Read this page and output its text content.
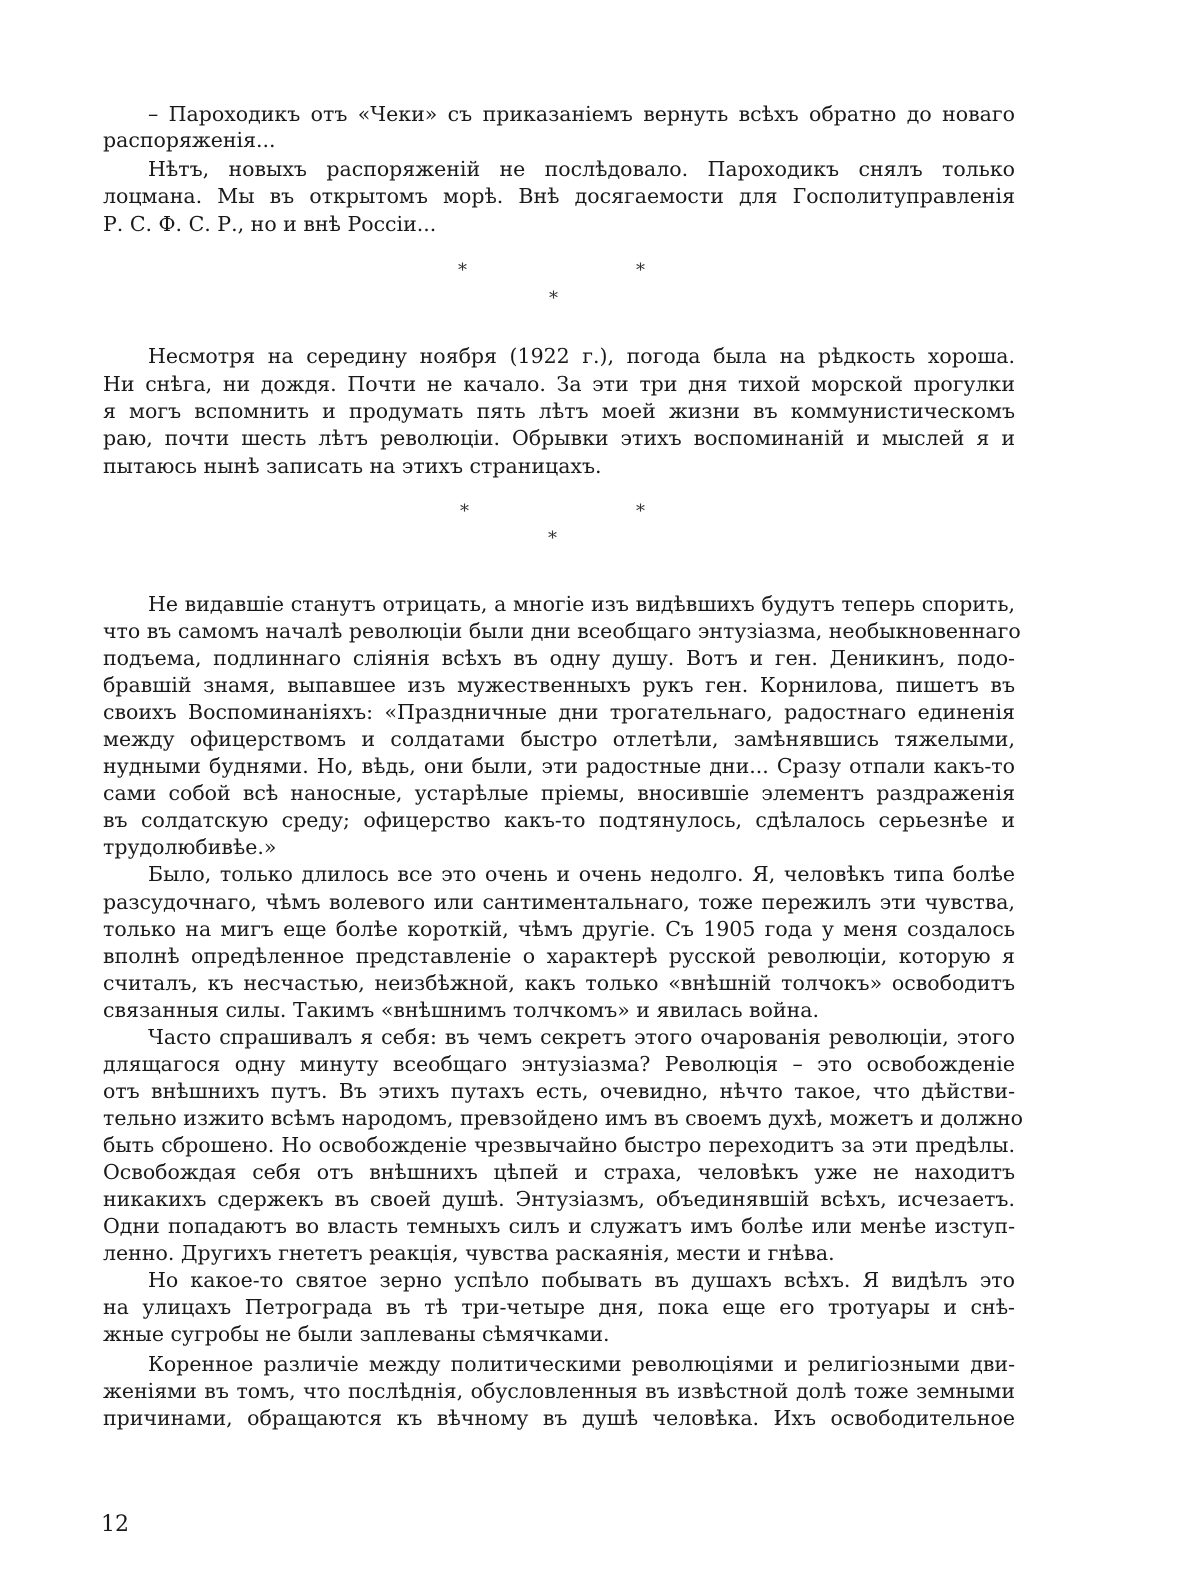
– Пароходикъ отъ «Чеки» съ приказаніемъ вернуть всѣхъ обратно до новаго
распоряженія...
Нѣтъ, новыхъ распоряженій не послѣдовало. Пароходикъ снялъ только
лоцмана. Мы въ открытомъ морѣ. Внѣ досягаемости для Госполитуправленія
Р. С. Ф. С. Р., но и внѣ Россіи...
*	*
*
Несмотря на середину ноября (1922 г.), погода была на рѣдкость хороша.
Ни снѣга, ни дождя. Почти не качало. За эти три дня тихой морской прогулки
я могъ вспомнить и продумать пять лѣтъ моей жизни въ коммунистическомъ
раю, почти шесть лѣтъ революціи. Обрывки этихъ воспоминаній и мыслей я и
пытаюсь нынѣ записать на этихъ страницахъ.
*	*
*
Не видавшіе станутъ отрицать, а многіе изъ видѣвшихъ будутъ теперь спорить,
что въ самомъ началѣ революціи были дни всеобщаго энтузіазма, необыкновеннаго
подъема, подлиннаго сліянія всѣхъ въ одну душу. Вотъ и ген. Деникинъ, подо-
бравшій знамя, выпавшее изъ мужественныхъ рукъ ген. Корнилова, пишетъ въ
своихъ Воспоминаніяхъ: «Праздничные дни трогательнаго, радостнаго единенія
между офицерствомъ и солдатами быстро отлетѣли, замѣнявшись тяжелыми,
нудными буднями. Но, вѣдь, они были, эти радостные дни... Сразу отпали какъ-то
сами собой всѣ наносные, устарѣлые пріемы, вносившіе элементъ раздраженія
въ солдатскую среду; офицерство какъ-то подтянулось, сдѣлалось серьезнѣе и
трудолюбивѣе.»
Было, только длилось все это очень и очень недолго. Я, человѣкъ типа болѣе
разсудочнаго, чѣмъ волевого или сантиментальнаго, тоже пережилъ эти чувства,
только на мигъ еще болѣе короткій, чѣмъ другіе. Съ 1905 года у меня создалось
вполнѣ опредѣленное представленіе о характерѣ русской революціи, которую я
считалъ, къ несчастью, неизбѣжной, какъ только «внѣшній толчокъ» освободитъ
связанныя силы. Такимъ «внѣшнимъ толчкомъ» и явилась война.
Часто спрашивалъ я себя: въ чемъ секретъ этого очарованія революціи, этого
длящагося одну минуту всеобщаго энтузіазма? Революція – это освобожденіе
отъ внѣшнихъ путъ. Въ этихъ путахъ есть, очевидно, нѣчто такое, что дѣйстви-
тельно изжито всѣмъ народомъ, превзойдено имъ въ своемъ духѣ, можетъ и должно
быть сброшено. Но освобожденіе чрезвычайно быстро переходитъ за эти предѣлы.
Освобождая себя отъ внѣшнихъ цѣпей и страха, человѣкъ уже не находитъ
никакихъ сдержекъ въ своей душѣ. Энтузіазмъ, объединявшій всѣхъ, исчезаетъ.
Одни попадаютъ во власть темныхъ силъ и служатъ имъ болѣе или менѣе изступ-
ленно. Другихъ гнететъ реакція, чувства раскаянія, мести и гнѣва.
Но какое-то святое зерно успѣло побывать въ душахъ всѣхъ. Я видѣлъ это
на улицахъ Петрограда въ тѣ три-четыре дня, пока еще его тротуары и снѣ-
жные сугробы не были заплеваны сѣмячками.
Коренное различіе между политическими революціями и религіозными дви-
женіями въ томъ, что послѣднія, обусловленныя въ извѣстной долѣ тоже земными
причинами, обращаются къ вѣчному въ душѣ человѣка. Ихъ освободительное
12
